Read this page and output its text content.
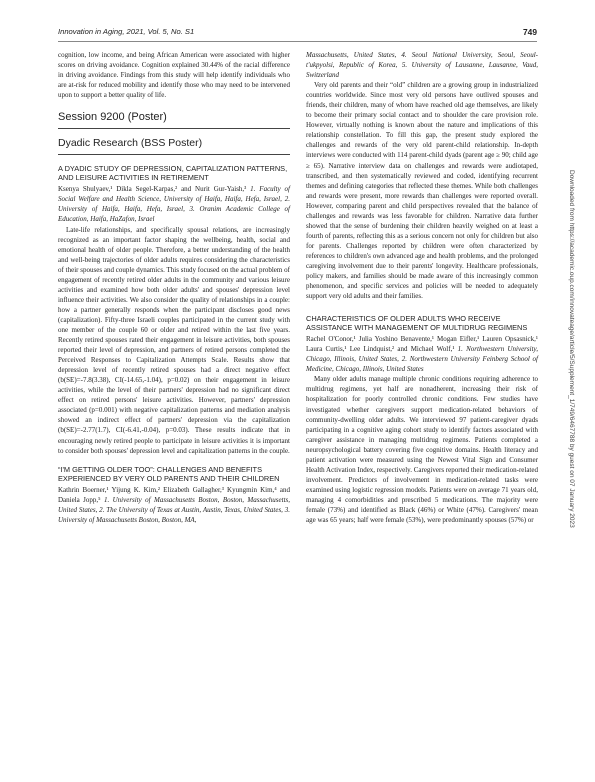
Innovation in Aging, 2021, Vol. 5, No. S1	749

cognition, low income, and being African American were associated with higher scores on driving avoidance. Cognition explained 30.44% of the racial difference in driving avoidance. Findings from this study will help identify individuals who are at-risk for reduced mobility and identify those who may need to be intervened upon to support a better quality of life.

Session 9200 (Poster)
Dyadic Research (BSS Poster)
A DYADIC STUDY OF DEPRESSION, CAPITALIZATION PATTERNS, AND LEISURE ACTIVITIES IN RETIREMENT

Ksenya Shulyaev,¹ Dikla Segel-Karpas,² and Nurit Gur-Yaish,³ 1. Faculty of Social Welfare and Health Science, University of Haifa, Haifa, Hefa, Israel, 2. University of Haifa, Haifa, Hefa, Israel, 3. Oranim Academic College of Education, Haifa, HaZafon, Israel

Late-life relationships, and specifically spousal relations, are increasingly recognized as an important factor shaping the wellbeing, health, social and emotional health of older people. Therefore, a better understanding of the health and well-being trajectories of older adults requires considering the characteristics of their spouses and couple dynamics. This study focused on the actual problem of engagement of recently retired older adults in the community and various leisure activities and examined how both older adults' and spouses' depression level influence their activities. We also consider the quality of relationships in a couple: how a partner generally responds when the participant discloses good news (capitalization). Fifty-three Israeli couples participated in the current study with one member of the couple 60 or older and retired within the last five years. Recently retired spouses rated their engagement in leisure activities, both spouses reported their level of depression, and partners of retired persons completed the Perceived Responses to Capitalization Attempts Scale. Results show that depression level of recently retired spouses had a direct negative effect (b(SE)=-7.8(3.38), CI(-14.65,-1.04), p=0.02) on their engagement in leisure activities, while the level of their partners' depression had no significant direct effect on retired persons' leisure activities. However, partners' depression associated (p=0.001) with negative capitalization patterns and mediation analysis showed an indirect effect of partners' depression via the capitalization (b(SE)=-2.77(1.7), CI(-6.41,-0.04), p=0.03). These results indicate that in encouraging newly retired people to participate in leisure activities it is important to consider both spouses' depression level and capitalization patterns in the couple.

“I'M GETTING OLDER TOO”: CHALLENGES AND BENEFITS EXPERIENCED BY VERY OLD PARENTS AND THEIR CHILDREN

Kathrin Boerner,¹ Yijung K. Kim,² Elizabeth Gallagher,³ Kyungmin Kim,⁴ and Daniela Jopp,⁵ 1. University of Massachusetts Boston, Boston, Massachusetts, United States, 2. The University of Texas at Austin, Austin, Texas, United States, 3. University of Massachusetts Boston, Boston, MA,

Massachusetts, United States, 4. Seoul National University, Seoul, Seoul-t'ukpyolsi, Republic of Korea, 5. University of Lausanne, Lausanne, Vaud, Switzerland

Very old parents and their “old” children are a growing group in industrialized countries worldwide. Since most very old persons have outlived spouses and friends, their children, many of whom have reached old age themselves, are likely to become their primary social contact and to shoulder the care provision role. However, virtually nothing is known about the nature and implications of this relationship constellation. To fill this gap, the present study explored the challenges and rewards of the very old parent-child relationship. In-depth interviews were conducted with 114 parent-child dyads (parent age ≥ 90; child age ≥ 65). Narrative interview data on challenges and rewards were audiotaped, transcribed, and then systematically reviewed and coded, identifying recurrent themes and defining categories that reflected these themes. While both challenges and rewards were present, more rewards than challenges were reported overall. However, comparing parent and child perspectives revealed that the balance of challenges and rewards was less favorable for children. Narrative data further showed that the sense of burdening their children heavily weighed on at least a fourth of parents, reflecting this as a serious concern not only for children but also for parents. Challenges reported by children were often characterized by references to children's own advanced age and health problems, and the prolonged caregiving involvement due to their parents' longevity. Healthcare professionals, policy makers, and families should be made aware of this increasingly common phenomenon, and specific services and policies will be needed to adequately support very old adults and their families.

CHARACTERISTICS OF OLDER ADULTS WHO RECEIVE ASSISTANCE WITH MANAGEMENT OF MULTIDRUG REGIMENS

Rachel O'Conor,¹ Julia Yoshino Benavente,¹ Mogan Eifler,¹ Lauren Opsasnick,¹ Laura Curtis,¹ Lee Lindquist,² and Michael Wolf,¹ 1. Northwestern University, Chicago, Illinois, United States, 2. Northwestern University Feinberg School of Medicine, Chicago, Illinois, United States

Many older adults manage multiple chronic conditions requiring adherence to multidrug regimens, yet half are nonadherent, increasing their risk of hospitalization for poorly controlled chronic conditions. Few studies have investigated whether caregivers support medication-related behaviors of community-dwelling older adults. We interviewed 97 patient-caregiver dyads participating in a cognitive aging cohort study to identify factors associated with caregiver assistance in managing multidrug regimens. Patients completed a neuropsychological battery covering five cognitive domains. Health literacy and patient activation were measured using the Newest Vital Sign and Consumer Health Activation Index, respectively. Caregivers reported their medication-related involvement. Predictors of involvement in medication-related tasks were examined using logistic regression models. Patients were on average 71 years old, managing 4 comorbidities and prescribed 5 medications. The majority were female (73%) and identified as Black (46%) or White (47%). Caregivers' mean age was 65 years; half were female (53%), were predominantly spouses (57%) or	Downloaded from https://academic.oup.com/innovateage/article/5/Supplement_1/749/6467788 by guest on 07 January 2023
